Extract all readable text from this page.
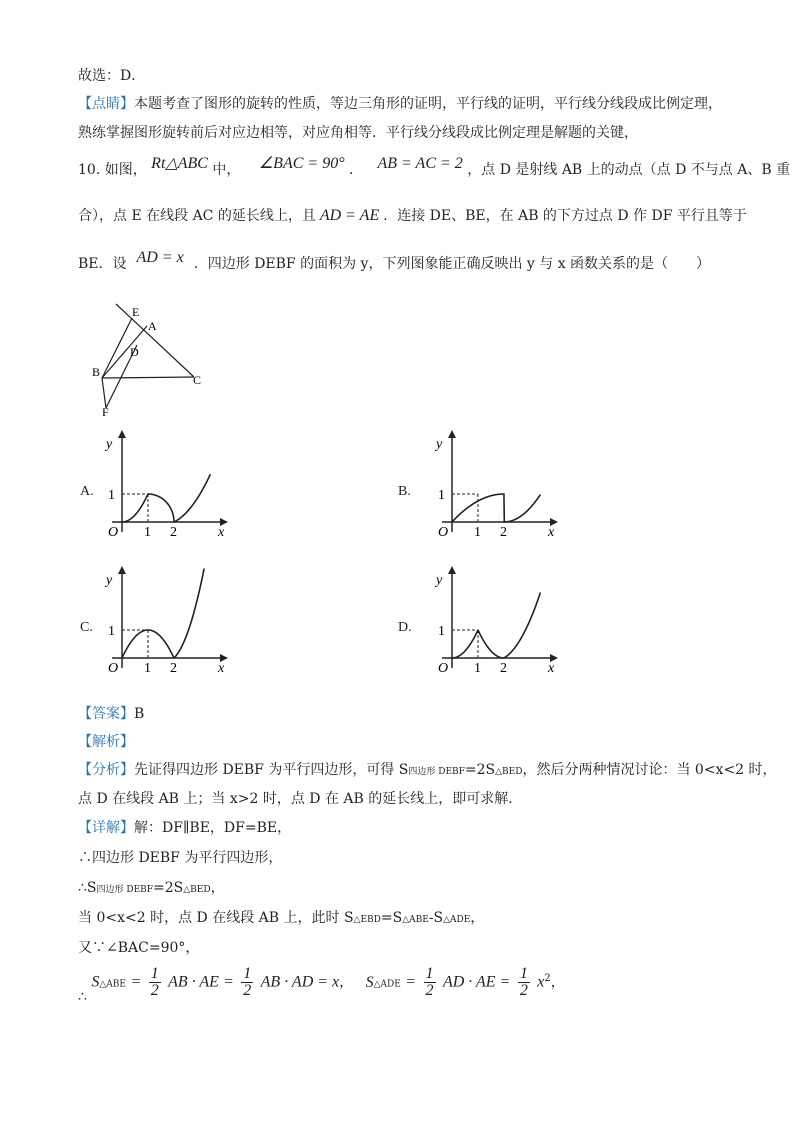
故选：D．
【点睛】本题考查了图形的旋转的性质，等边三角形的证明，平行线的证明，平行线分线段成比例定理，
熟练掌握图形旋转前后对应边相等，对应角相等．平行线分线段成比例定理是解题的关键，
10. 如图， Rt△ABC 中， ∠BAC = 90° ． AB = AC = 2 ，点 D 是射线 AB 上的动点（点 D 不与点 A、B 重
合），点 E 在线段 AC 的延长线上，且 AD = AE ．连接 DE、BE，在 AB 的下方过点 D 作 DF 平行且等于
BE．设 AD = x ．四边形 DEBF 的面积为 y，下列图象能正确反映出 y 与 x 函数关系的是（　　）
E
A
D
B
C
F
A.	B.
C.	D.
y
x
O
1
1 2
y
x
O
1
1 2
y
x
O
1
1 2
y
x
O
1
1 2
【答案】B
【解析】
【分析】先证得四边形 DEBF 为平行四边形，可得 S四边形 DEBF=2S△BED，然后分两种情况讨论：当 0<x<2 时，
点 D 在线段 AB 上；当 x>2 时，点 D 在 AB 的延长线上，即可求解．
【详解】解：DF∥BE，DF=BE，
∴四边形 DEBF 为平行四边形，
∴S四边形 DEBF=2S△BED，
当 0<x<2 时，点 D 在线段 AB 上，此时 S△EBD=S△ABE-S△ADE，
又∵∠BAC=90°，
∴ S△ABE = $\frac{1}{2}$ AB · AE = $\frac{1}{2}$ AB · AD = x， S△ADE = $\frac{1}{2}$ AD · AE = $\frac{1}{2} x^2$，
